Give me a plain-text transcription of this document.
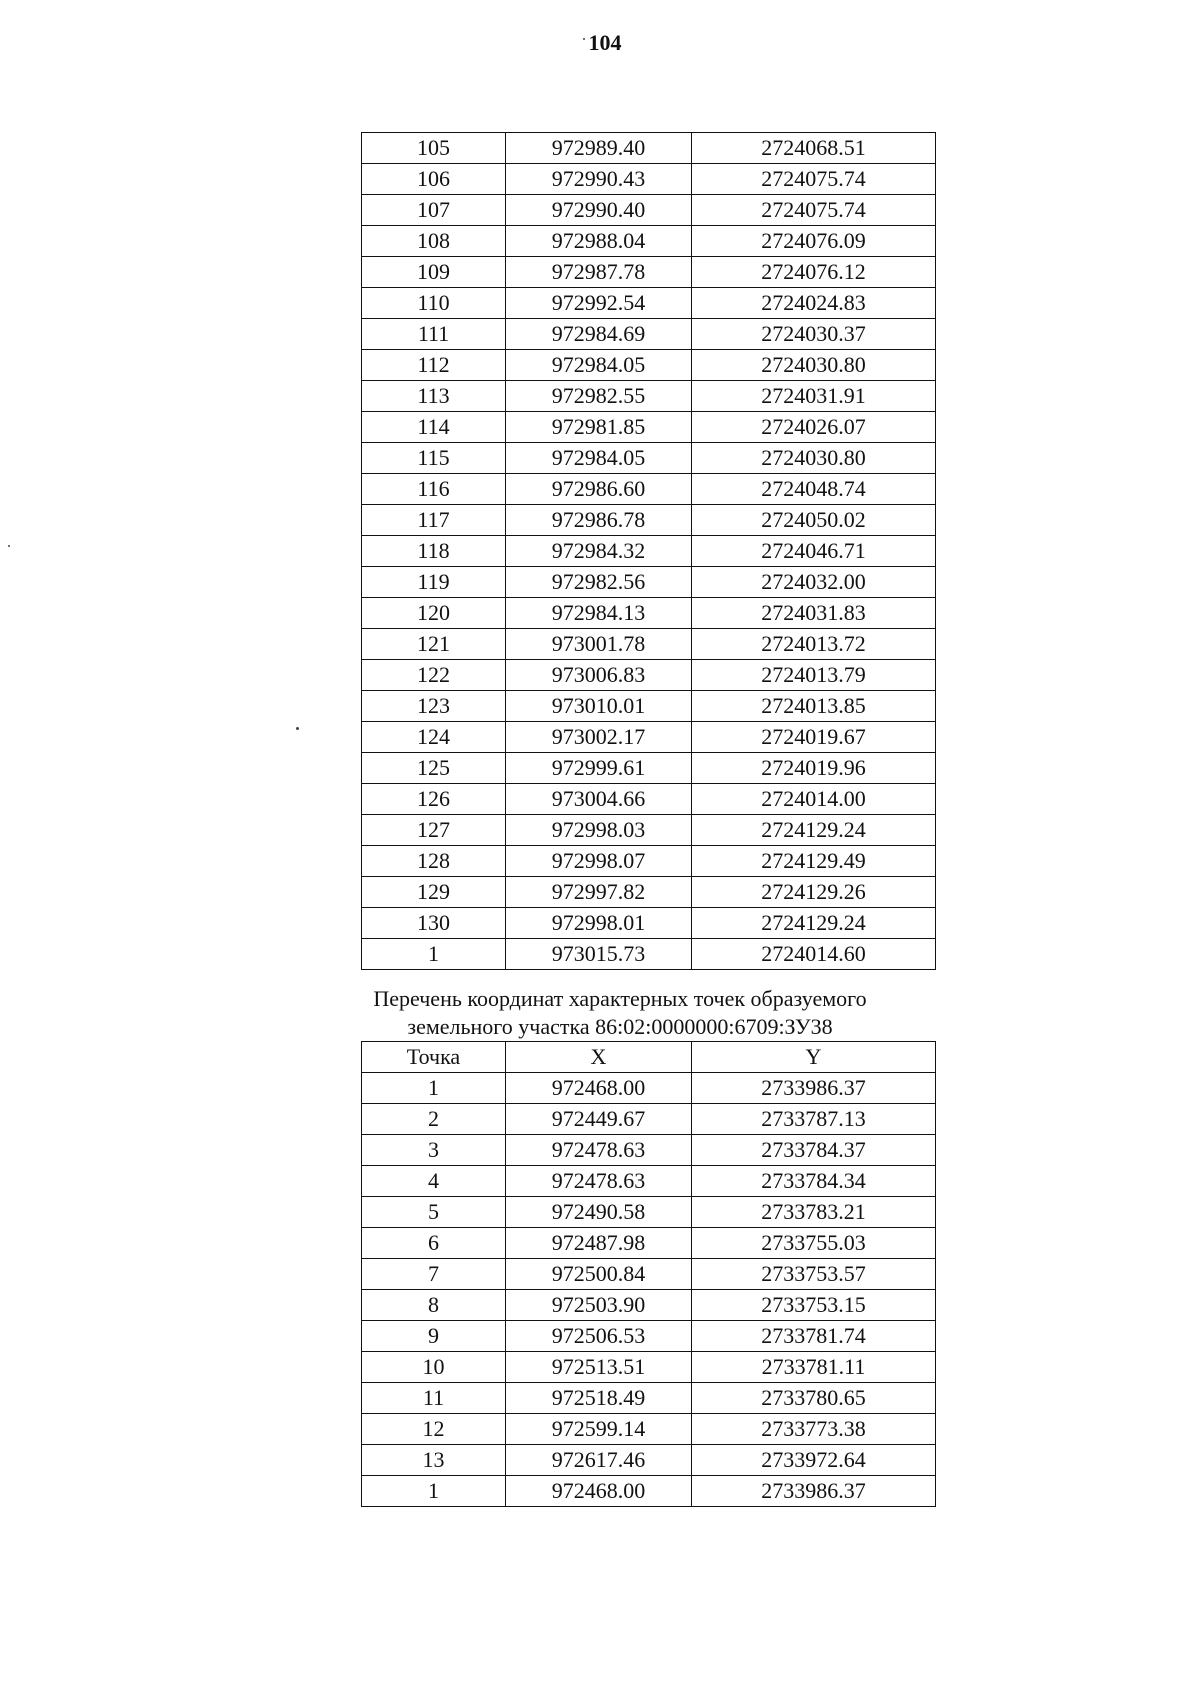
104
105	972989.40	2724068.51
106	972990.43	2724075.74
107	972990.40	2724075.74
108	972988.04	2724076.09
109	972987.78	2724076.12
110	972992.54	2724024.83
111	972984.69	2724030.37
112	972984.05	2724030.80
113	972982.55	2724031.91
114	972981.85	2724026.07
115	972984.05	2724030.80
116	972986.60	2724048.74
117	972986.78	2724050.02
118	972984.32	2724046.71
119	972982.56	2724032.00
120	972984.13	2724031.83
121	973001.78	2724013.72
122	973006.83	2724013.79
123	973010.01	2724013.85
124	973002.17	2724019.67
125	972999.61	2724019.96
126	973004.66	2724014.00
127	972998.03	2724129.24
128	972998.07	2724129.49
129	972997.82	2724129.26
130	972998.01	2724129.24
1	973015.73	2724014.60
Перечень координат характерных точек образуемого
земельного участка 86:02:0000000:6709:ЗУ38
Точка	X	Y
1	972468.00	2733986.37
2	972449.67	2733787.13
3	972478.63	2733784.37
4	972478.63	2733784.34
5	972490.58	2733783.21
6	972487.98	2733755.03
7	972500.84	2733753.57
8	972503.90	2733753.15
9	972506.53	2733781.74
10	972513.51	2733781.11
11	972518.49	2733780.65
12	972599.14	2733773.38
13	972617.46	2733972.64
1	972468.00	2733986.37
